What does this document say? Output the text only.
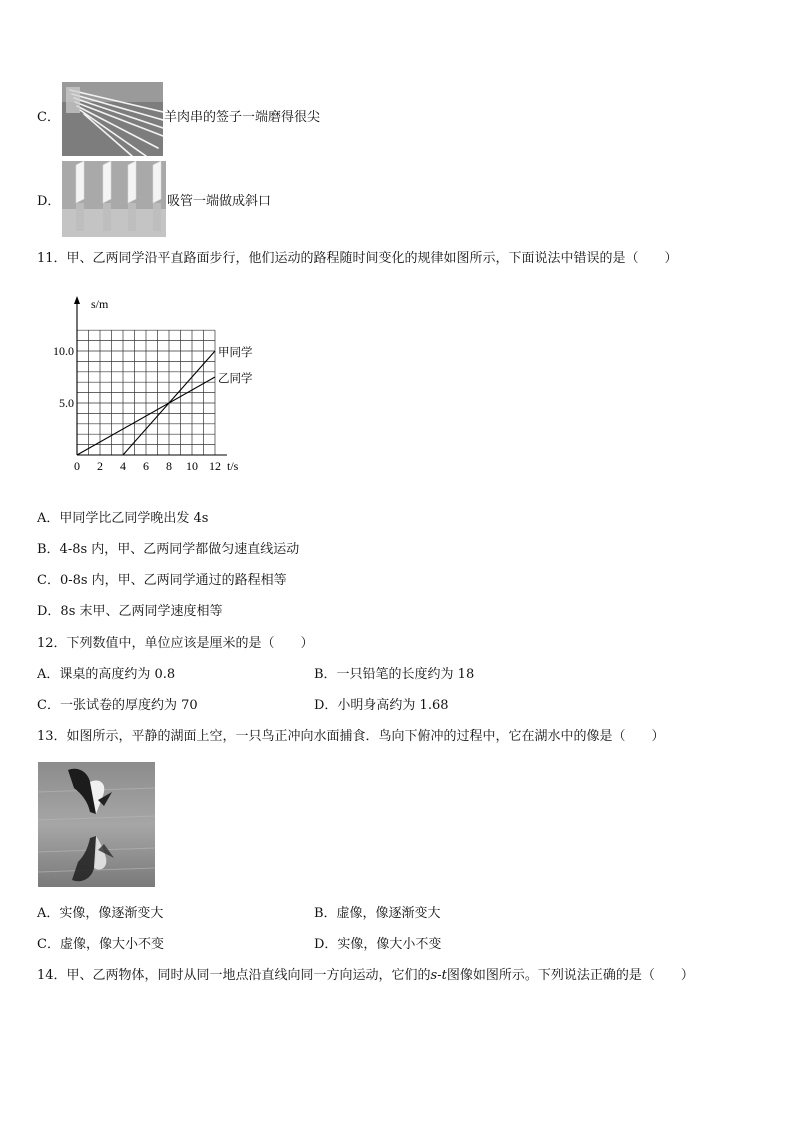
C．	羊肉串的签子一端磨得很尖
D．	吸管一端做成斜口
11．甲、乙两同学沿平直路面步行，他们运动的路程随时间变化的规律如图所示，下面说法中错误的是（　　）
s/m
t/s
0 2 4 6 8 10 12
5.0
10.0	甲同学
乙同学
A．甲同学比乙同学晚出发 4s
B．4-8s 内，甲、乙两同学都做匀速直线运动
C．0-8s 内，甲、乙两同学通过的路程相等
D．8s 末甲、乙两同学速度相等
12．下列数值中，单位应该是厘米的是（　　）
A．课桌的高度约为 0.8	B．一只铅笔的长度约为 18
C．一张试卷的厚度约为 70	D．小明身高约为 1.68
13．如图所示，平静的湖面上空，一只鸟正冲向水面捕食．鸟向下俯冲的过程中，它在湖水中的像是（　　）
A．实像，像逐渐变大	B．虚像，像逐渐变大
C．虚像，像大小不变	D．实像，像大小不变
14．甲、乙两物体，同时从同一地点沿直线向同一方向运动，它们的s-t图像如图所示。下列说法正确的是（　　）
